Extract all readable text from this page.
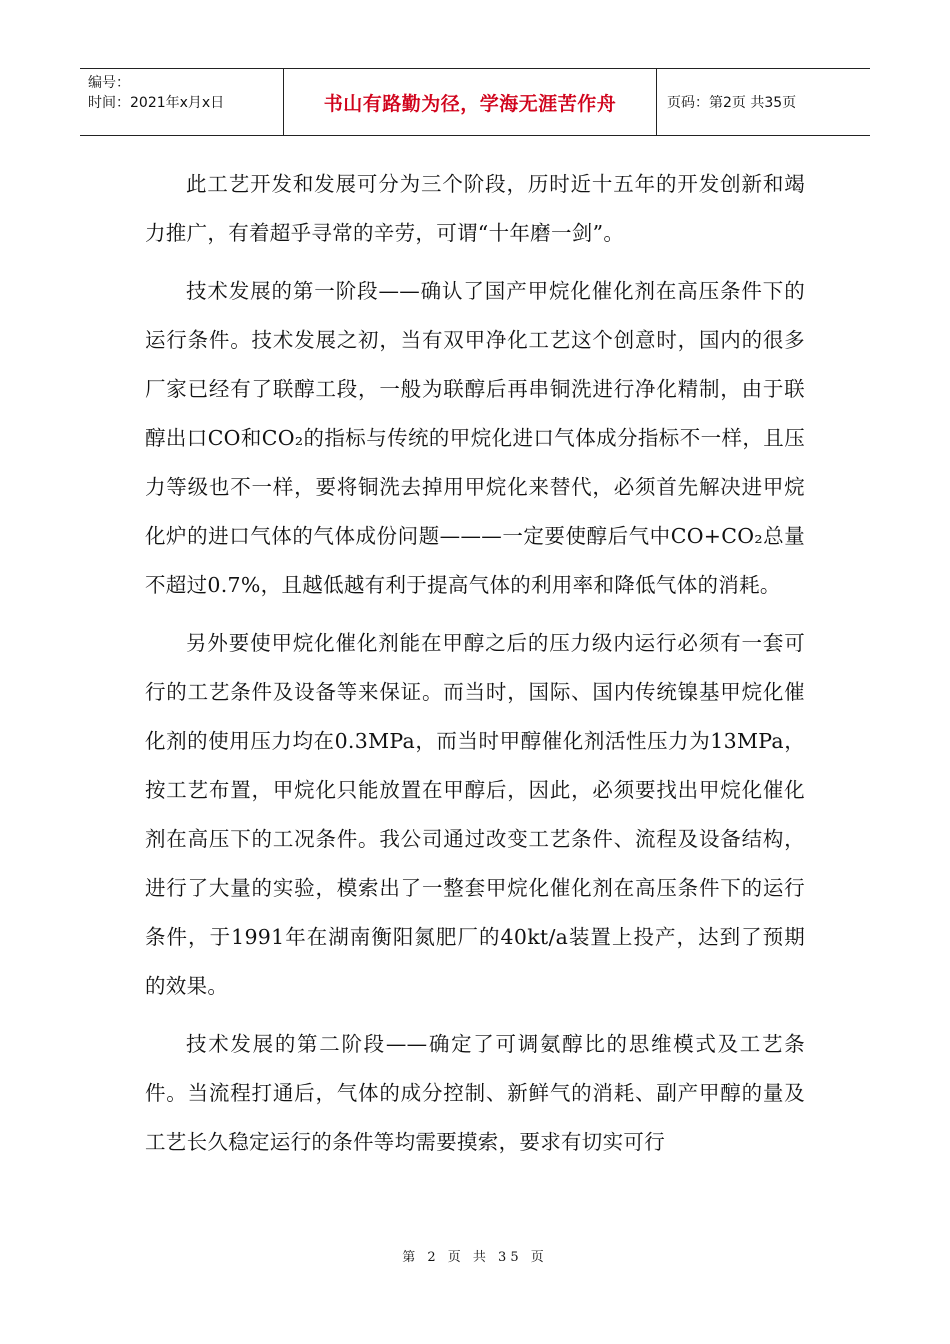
编号：
时间：2021年x月x日	书山有路勤为径，学海无涯苦作舟	页码：第2页 共35页

此工艺开发和发展可分为三个阶段，历时近十五年的开发创新和竭力推广，有着超乎寻常的辛劳，可谓“十年磨一剑”。

技术发展的第一阶段——确认了国产甲烷化催化剂在高压条件下的运行条件。技术发展之初，当有双甲净化工艺这个创意时，国内的很多厂家已经有了联醇工段，一般为联醇后再串铜洗进行净化精制，由于联醇出口CO和CO₂的指标与传统的甲烷化进口气体成分指标不一样，且压力等级也不一样，要将铜洗去掉用甲烷化来替代，必须首先解决进甲烷化炉的进口气体的气体成份问题———一定要使醇后气中CO+CO₂总量不超过0.7%，且越低越有利于提高气体的利用率和降低气体的消耗。

另外要使甲烷化催化剂能在甲醇之后的压力级内运行必须有一套可行的工艺条件及设备等来保证。而当时，国际、国内传统镍基甲烷化催化剂的使用压力均在0.3MPa，而当时甲醇催化剂活性压力为13MPa，按工艺布置，甲烷化只能放置在甲醇后，因此，必须要找出甲烷化催化剂在高压下的工况条件。我公司通过改变工艺条件、流程及设备结构，进行了大量的实验，模索出了一整套甲烷化催化剂在高压条件下的运行条件，于1991年在湖南衡阳氮肥厂的40kt/a装置上投产，达到了预期的效果。

技术发展的第二阶段——确定了可调氨醇比的思维模式及工艺条件。当流程打通后，气体的成分控制、新鲜气的消耗、副产甲醇的量及工艺长久稳定运行的条件等均需要摸索，要求有切实可行

第 2 页 共 35 页
